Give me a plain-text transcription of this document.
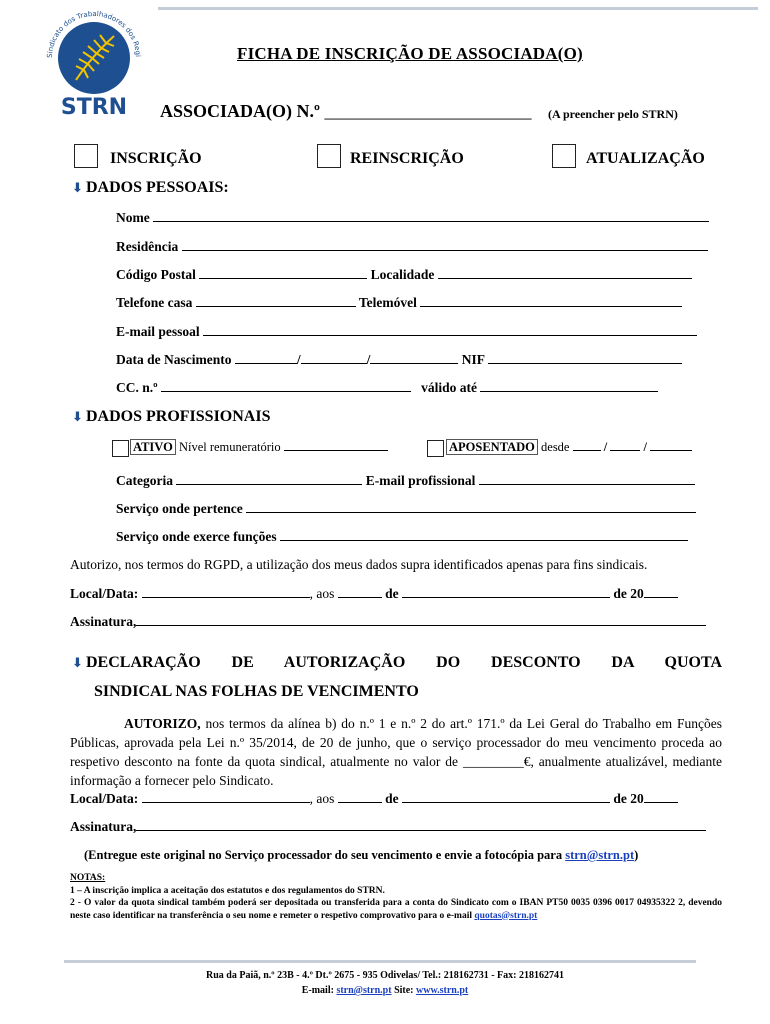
Sindicato dos Trabalhadores dos Regi
STRN
FICHA DE INSCRIÇÃO DE ASSOCIADA(O)
ASSOCIADA(O) N.º _______________________ (A preencher pelo STRN)
INSCRIÇÃO	REINSCRIÇÃO	ATUALIZAÇÃO
⬇ DADOS PESSOAIS:
Nome
Residência
Código Postal	Localidade
Telefone casa	Telemóvel
E-mail pessoal
Data de Nascimento	/	/	NIF
CC. n.º	válido até
⬇ DADOS PROFISSIONAIS
ATIVO Nível remuneratório	APOSENTADO desde	/	/
Categoria	E-mail profissional
Serviço onde pertence
Serviço onde exerce funções
Autorizo, nos termos do RGPD, a utilização dos meus dados supra identificados apenas para fins sindicais.
Local/Data:	, aos	de	de 20
Assinatura,
⬇ DECLARAÇÃO DE AUTORIZAÇÃO DO DESCONTO DA QUOTA
SINDICAL NAS FOLHAS DE VENCIMENTO
AUTORIZO, nos termos da alínea b) do n.º 1 e n.º 2 do art.º 171.º da Lei Geral do Trabalho em Funções Públicas, aprovada pela Lei n.º 35/2014, de 20 de junho, que o serviço processador do meu vencimento proceda ao respetivo desconto na fonte da quota sindical, atualmente no valor de _________€, anualmente atualizável, mediante informação a fornecer pelo Sindicato.
Local/Data:	, aos	de	de 20
Assinatura,
(Entregue este original no Serviço processador do seu vencimento e envie a fotocópia para strn@strn.pt)
NOTAS:
1 – A inscrição implica a aceitação dos estatutos e dos regulamentos do STRN.
2 - O valor da quota sindical também poderá ser depositada ou transferida para a conta do Sindicato com o IBAN PT50 0035 0396 0017 04935322 2, devendo neste caso identificar na transferência o seu nome e remeter o respetivo comprovativo para o e-mail quotas@strn.pt
Rua da Paiã, n.º 23B - 4.º Dt.º 2675 - 935 Odivelas/ Tel.: 218162731 - Fax: 218162741
E-mail: strn@strn.pt Site: www.strn.pt
